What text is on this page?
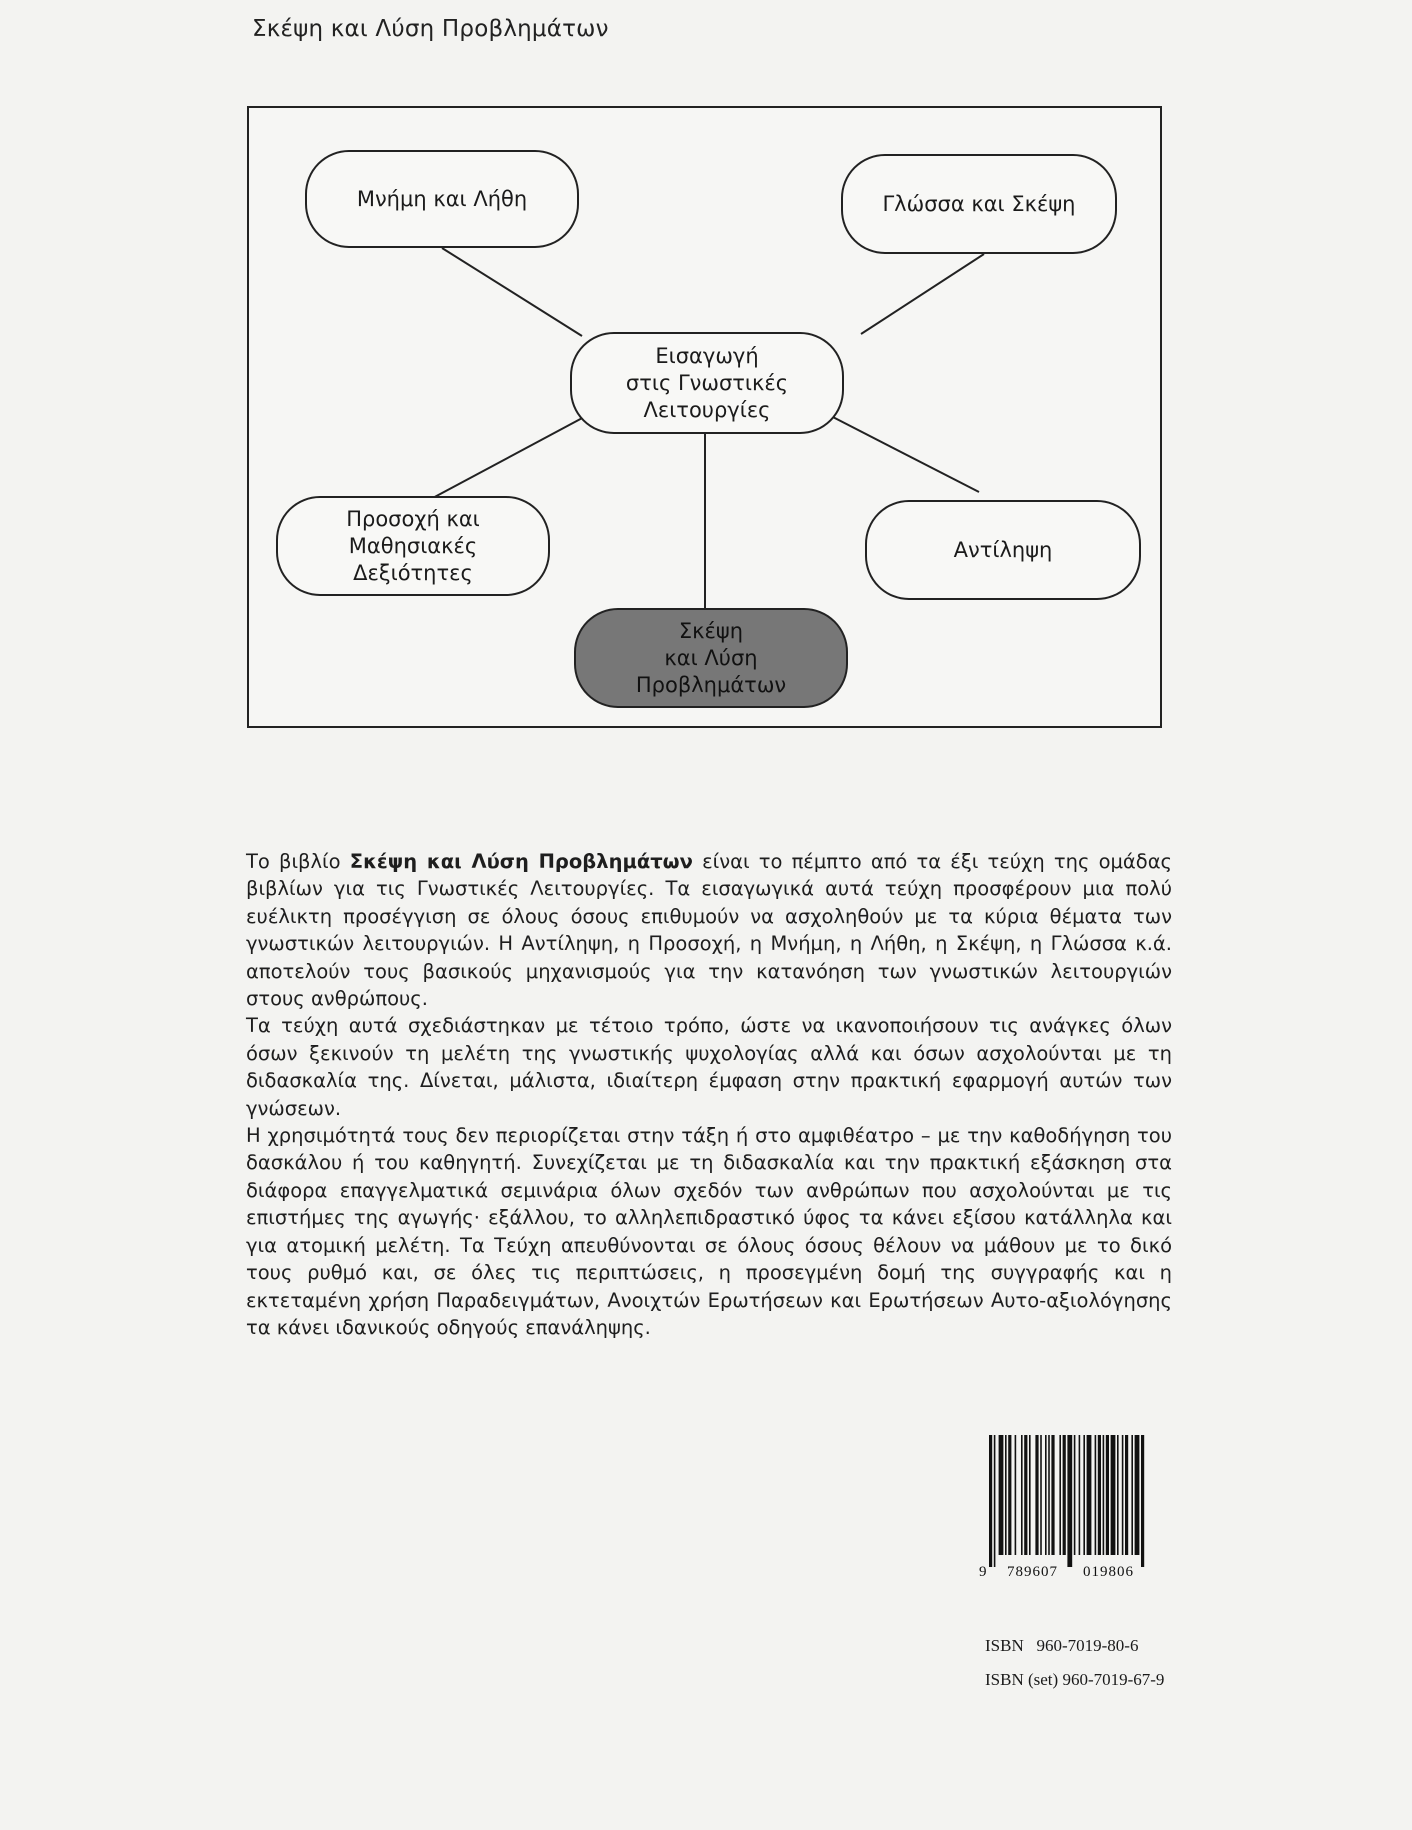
Σκέψη και Λύση Προβλημάτων
Μνήμη και Λήθη	Γλώσσα και Σκέψη
Εισαγωγή
στις Γνωστικές
Λειτουργίες
Προσοχή και
Μαθησιακές
Δεξιότητες
Αντίληψη
Σκέψη
και Λύση
Προβλημάτων

Το βιβλίο Σκέψη και Λύση Προβλημάτων είναι το πέμπτο από τα έξι τεύχη της ομάδας βιβλίων για τις Γνωστικές Λειτουργίες. Τα εισαγωγικά αυτά τεύχη προσφέρουν μια πολύ ευέλικτη προσέγγιση σε όλους όσους επιθυμούν να ασχοληθούν με τα κύρια θέματα των γνωστικών λειτουργιών. Η Αντίληψη, η Προσοχή, η Μνήμη, η Λήθη, η Σκέψη, η Γλώσσα κ.ά. αποτελούν τους βασικούς μηχανισμούς για την κατανόηση των γνωστικών λειτουργιών στους ανθρώπους.

Τα τεύχη αυτά σχεδιάστηκαν με τέτοιο τρόπο, ώστε να ικανοποιήσουν τις ανάγκες όλων όσων ξεκινούν τη μελέτη της γνωστικής ψυχολογίας αλλά και όσων ασχολούνται με τη διδασκαλία της. Δίνεται, μάλιστα, ιδιαίτερη έμφαση στην πρακτική εφαρμογή αυτών των γνώσεων.

Η χρησιμότητά τους δεν περιορίζεται στην τάξη ή στο αμφιθέατρο – με την καθοδήγηση του δασκάλου ή του καθηγητή. Συνεχίζεται με τη διδασκαλία και την πρακτική εξάσκηση στα διάφορα επαγγελματικά σεμινάρια όλων σχεδόν των ανθρώπων που ασχολούνται με τις επιστήμες της αγωγής· εξάλλου, το αλληλεπιδραστικό ύφος τα κάνει εξίσου κατάλληλα και για ατομική μελέτη. Τα Τεύχη απευθύνονται σε όλους όσους θέλουν να μάθουν με το δικό τους ρυθμό και, σε όλες τις περιπτώσεις, η προσεγμένη δομή της συγγραφής και η εκτεταμένη χρήση Παραδειγμάτων, Ανοιχτών Ερωτήσεων και Ερωτήσεων Αυτο-αξιολόγησης τα κάνει ιδανικούς οδηγούς επανάληψης.

9 789607 019806
ISBN   960-7019-80-6
ISBN (set) 960-7019-67-9
